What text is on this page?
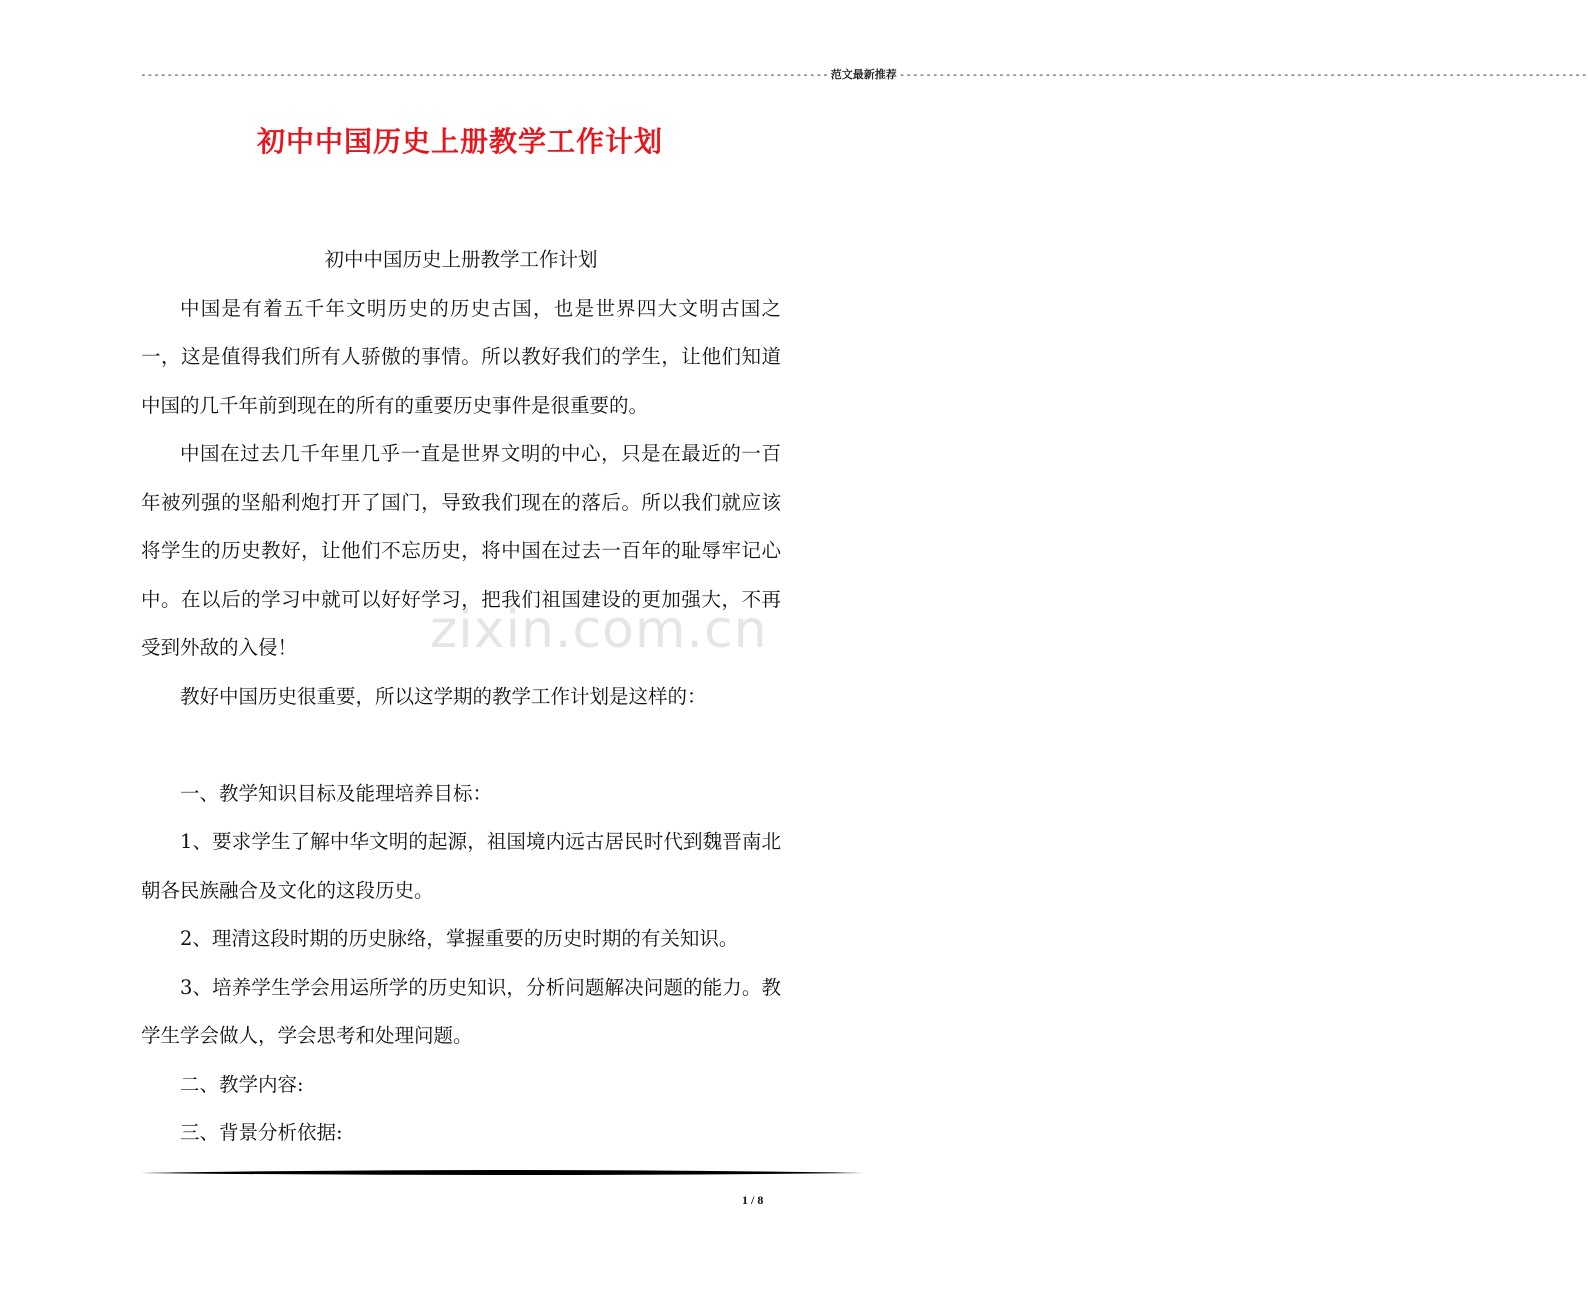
-------------------------------------------------------------------------------------------------------- 范文最新推荐 --------------------------------------------------------------------------------------------------------
初中中国历史上册教学工作计划
zixin.com.cn

初中中国历史上册教学工作计划

中国是有着五千年文明历史的历史古国，也是世界四大文明古国之一，这是值得我们所有人骄傲的事情。所以教好我们的学生，让他们知道中国的几千年前到现在的所有的重要历史事件是很重要的。

中国在过去几千年里几乎一直是世界文明的中心，只是在最近的一百年被列强的坚船利炮打开了国门，导致我们现在的落后。所以我们就应该将学生的历史教好，让他们不忘历史，将中国在过去一百年的耻辱牢记心中。在以后的学习中就可以好好学习，把我们祖国建设的更加强大，不再受到外敌的入侵！

教好中国历史很重要，所以这学期的教学工作计划是这样的：

一、教学知识目标及能理培养目标：

1、要求学生了解中华文明的起源，祖国境内远古居民时代到魏晋南北朝各民族融合及文化的这段历史。

2、理清这段时期的历史脉络，掌握重要的历史时期的有关知识。

3、培养学生学会用运所学的历史知识，分析问题解决问题的能力。教学生学会做人，学会思考和处理问题。

二、教学内容:

三、背景分析依据:

1 / 8
